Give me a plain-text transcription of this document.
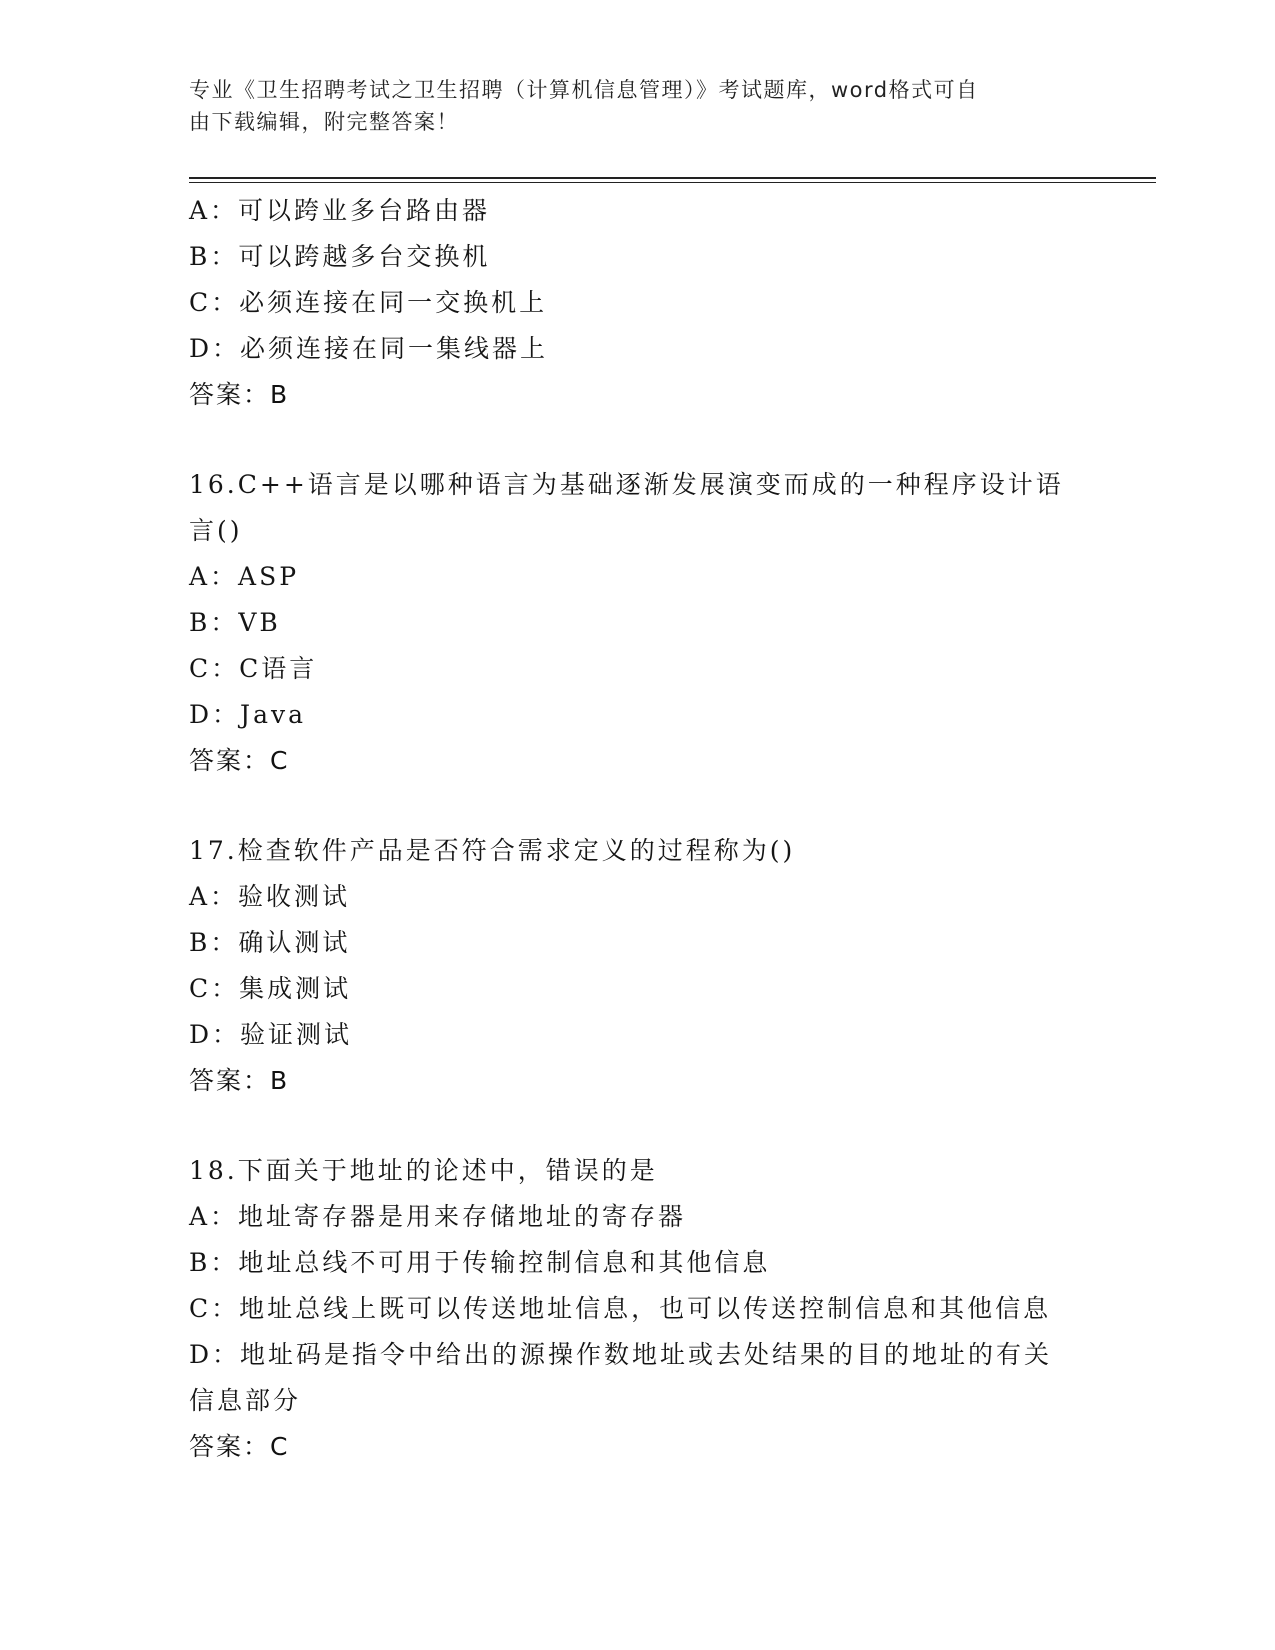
专业《卫生招聘考试之卫生招聘（计算机信息管理）》考试题库，word格式可自
由下载编辑，附完整答案！
A：可以跨业多台路由器
B：可以跨越多台交换机
C：必须连接在同一交换机上
D：必须连接在同一集线器上
答案：B
16.C++语言是以哪种语言为基础逐渐发展演变而成的一种程序设计语
言()
A：ASP
B：VB
C：C语言
D：Java
答案：C
17.检查软件产品是否符合需求定义的过程称为()
A：验收测试
B：确认测试
C：集成测试
D：验证测试
答案：B
18.下面关于地址的论述中，错误的是
A：地址寄存器是用来存储地址的寄存器
B：地址总线不可用于传输控制信息和其他信息
C：地址总线上既可以传送地址信息，也可以传送控制信息和其他信息
D：地址码是指令中给出的源操作数地址或去处结果的目的地址的有关
信息部分
答案：C
